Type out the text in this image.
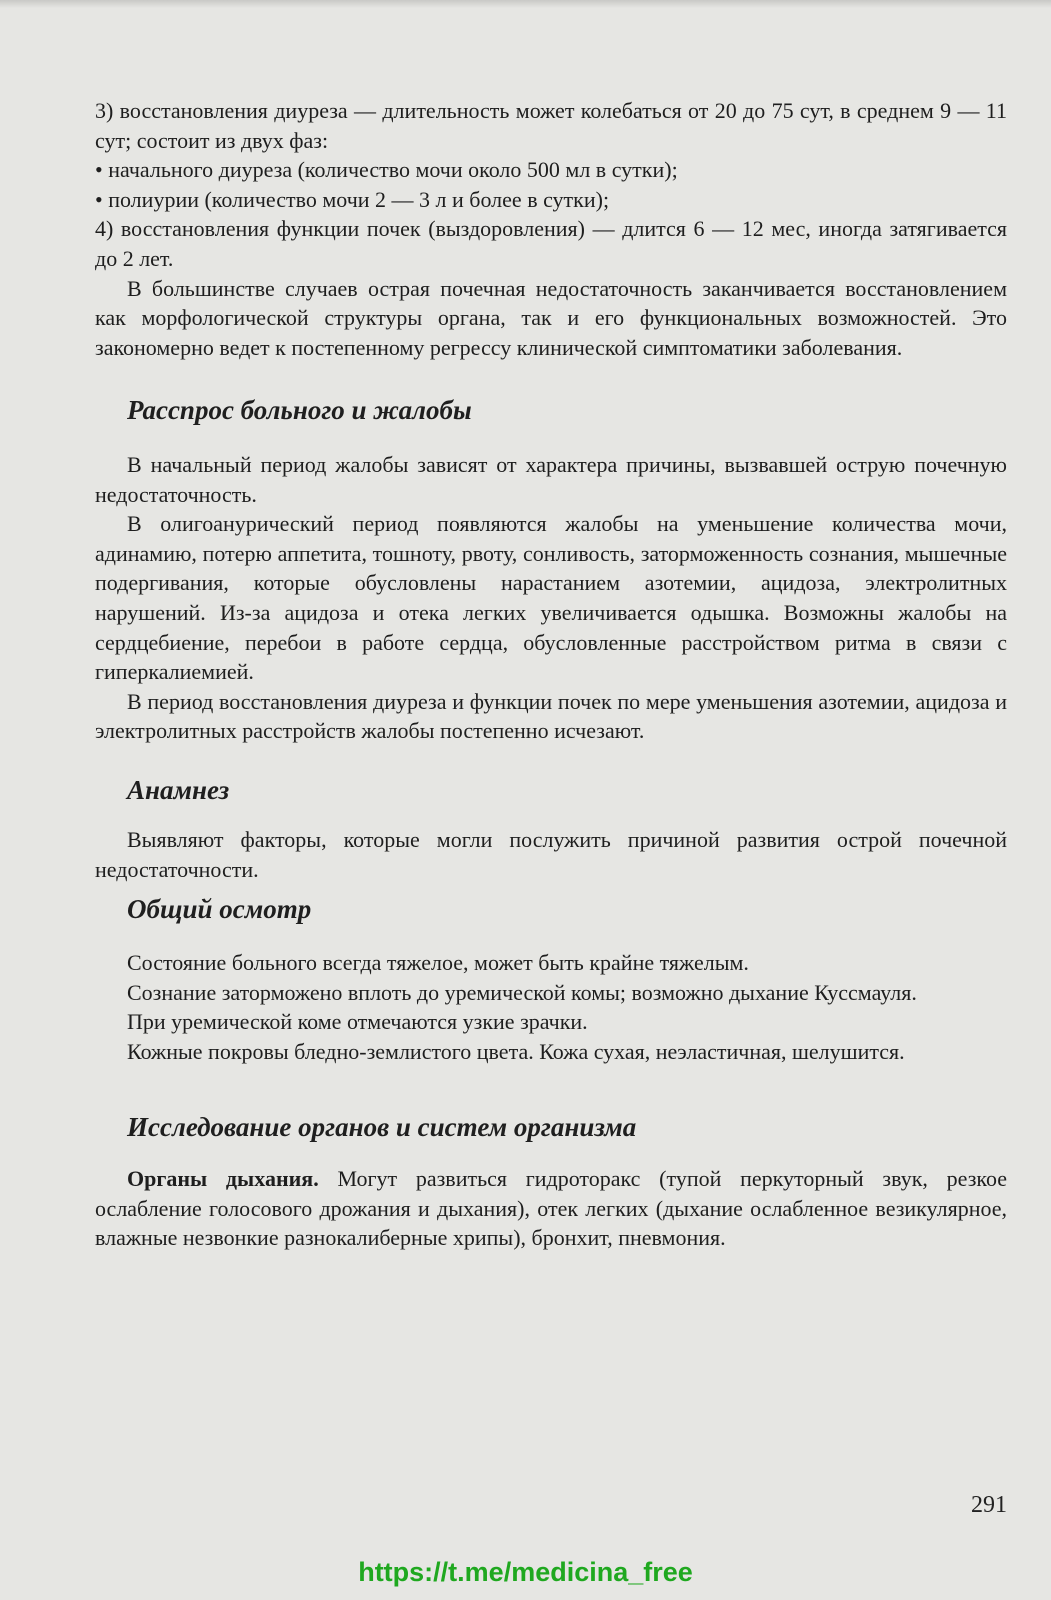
3) восстановления диуреза — длительность может колебаться от 20 до 75 сут, в среднем 9 — 11 сут; состоит из двух фаз:

• начального диуреза (количество мочи около 500 мл в сутки);

• полиурии (количество мочи 2 — 3 л и более в сутки);

4) восстановления функции почек (выздоровления) — длится 6 — 12 мес, иногда затягивается до 2 лет.

В большинстве случаев острая почечная недостаточность заканчивается восстановлением как морфологической структуры органа, так и его функциональных возможностей. Это закономерно ведет к постепенному регрессу клинической симптоматики заболевания.

Расспрос больного и жалобы

В начальный период жалобы зависят от характера причины, вызвавшей острую почечную недостаточность.

В олигоанурический период появляются жалобы на уменьшение количества мочи, адинамию, потерю аппетита, тошноту, рвоту, сонливость, заторможенность сознания, мышечные подергивания, которые обусловлены нарастанием азотемии, ацидоза, электролитных нарушений. Из-за ацидоза и отека легких увеличивается одышка. Возможны жалобы на сердцебиение, перебои в работе сердца, обусловленные расстройством ритма в связи с гиперкалиемией.

В период восстановления диуреза и функции почек по мере уменьшения азотемии, ацидоза и электролитных расстройств жалобы постепенно исчезают.

Анамнез

Выявляют факторы, которые могли послужить причиной развития острой почечной недостаточности.

Общий осмотр

Состояние больного всегда тяжелое, может быть крайне тяжелым.

Сознание заторможено вплоть до уремической комы; возможно дыхание Куссмауля.

При уремической коме отмечаются узкие зрачки.

Кожные покровы бледно-землистого цвета. Кожа сухая, неэластичная, шелушится.

Исследование органов и систем организма

Органы дыхания. Могут развиться гидроторакс (тупой перкуторный звук, резкое ослабление голосового дрожания и дыхания), отек легких (дыхание ослабленное везикулярное, влажные незвонкие разнокалиберные хрипы), бронхит, пневмония.

291
https://t.me/medicina_free
